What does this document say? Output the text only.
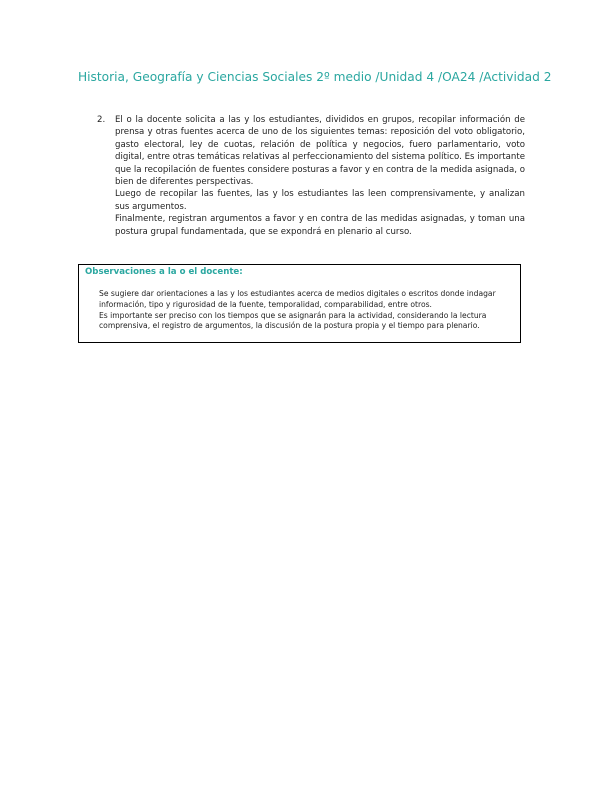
Historia, Geografía y Ciencias Sociales 2º medio /Unidad 4 /OA24 /Actividad 2
2. El o la docente solicita a las y los estudiantes, divididos en grupos, recopilar información de prensa y otras fuentes acerca de uno de los siguientes temas: reposición del voto obligatorio, gasto electoral, ley de cuotas, relación de política y negocios, fuero parlamentario, voto digital, entre otras temáticas relativas al perfeccionamiento del sistema político. Es importante que la recopilación de fuentes considere posturas a favor y en contra de la medida asignada, o bien de diferentes perspectivas.

Luego de recopilar las fuentes, las y los estudiantes las leen comprensivamente, y analizan sus argumentos.

Finalmente, registran argumentos a favor y en contra de las medidas asignadas, y toman una postura grupal fundamentada, que se expondrá en plenario al curso.

Observaciones a la o el docente:

Se sugiere dar orientaciones a las y los estudiantes acerca de medios digitales o escritos donde indagar información, tipo y rigurosidad de la fuente, temporalidad, comparabilidad, entre otros.

Es importante ser preciso con los tiempos que se asignarán para la actividad, considerando la lectura comprensiva, el registro de argumentos, la discusión de la postura propia y el tiempo para plenario.
